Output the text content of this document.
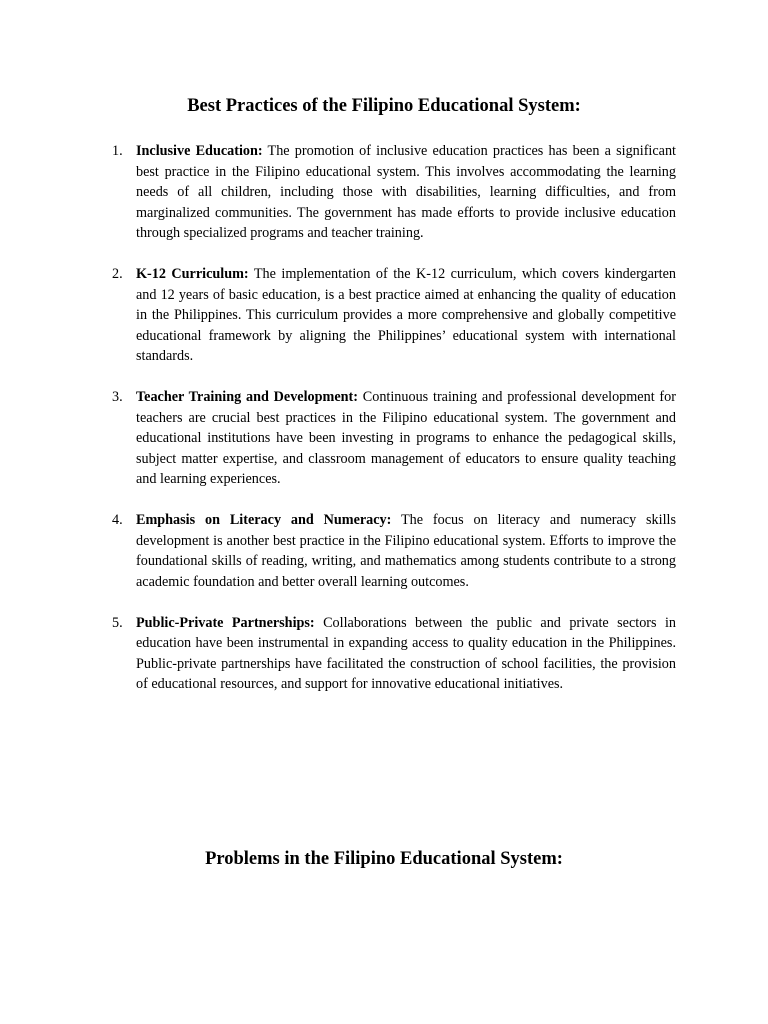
Best Practices of the Filipino Educational System:
1. Inclusive Education: The promotion of inclusive education practices has been a significant best practice in the Filipino educational system. This involves accommodating the learning needs of all children, including those with disabilities, learning difficulties, and from marginalized communities. The government has made efforts to provide inclusive education through specialized programs and teacher training.
2. K-12 Curriculum: The implementation of the K-12 curriculum, which covers kindergarten and 12 years of basic education, is a best practice aimed at enhancing the quality of education in the Philippines. This curriculum provides a more comprehensive and globally competitive educational framework by aligning the Philippines’ educational system with international standards.
3. Teacher Training and Development: Continuous training and professional development for teachers are crucial best practices in the Filipino educational system. The government and educational institutions have been investing in programs to enhance the pedagogical skills, subject matter expertise, and classroom management of educators to ensure quality teaching and learning experiences.
4. Emphasis on Literacy and Numeracy: The focus on literacy and numeracy skills development is another best practice in the Filipino educational system. Efforts to improve the foundational skills of reading, writing, and mathematics among students contribute to a strong academic foundation and better overall learning outcomes.
5. Public-Private Partnerships: Collaborations between the public and private sectors in education have been instrumental in expanding access to quality education in the Philippines. Public-private partnerships have facilitated the construction of school facilities, the provision of educational resources, and support for innovative educational initiatives.
Problems in the Filipino Educational System:
